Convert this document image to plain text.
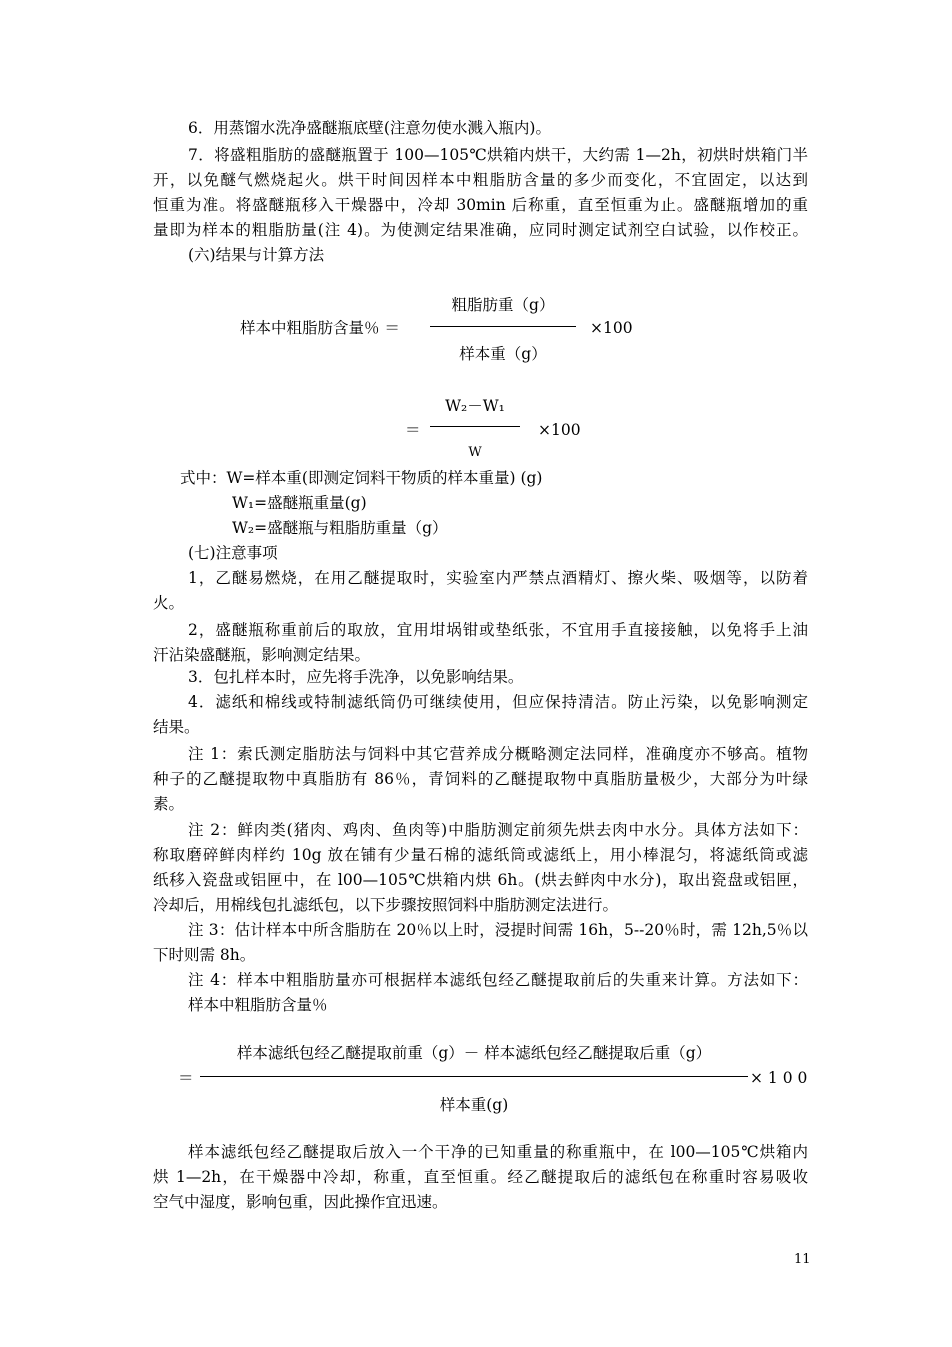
6．用蒸馏水洗净盛醚瓶底壁(注意勿使水溅入瓶内)。
7．将盛粗脂肪的盛醚瓶置于 100—105℃烘箱内烘干，大约需 1—2h，初烘时烘箱门半
开，以免醚气燃烧起火。烘干时间因样本中粗脂肪含量的多少而变化，不宜固定，以达到
恒重为准。将盛醚瓶移入干燥器中，冷却 30min 后称重，直至恒重为止。盛醚瓶增加的重
量即为样本的粗脂肪量(注 4)。为使测定结果准确，应同时测定试剂空白试验，以作校正。
(六)结果与计算方法
样本中粗脂肪含量％ ＝
粗脂肪重（g）
样本重（g）
×100
＝
W₂－W₁
W
×100
式中：W=样本重(即测定饲料干物质的样本重量) (g)
W₁=盛醚瓶重量(g)
W₂=盛醚瓶与粗脂肪重量（g）
(七)注意事项
1，乙醚易燃烧，在用乙醚提取时，实验室内严禁点酒精灯、擦火柴、吸烟等，以防着
火。
2，盛醚瓶称重前后的取放，宜用坩埚钳或垫纸张，不宜用手直接接触，以免将手上油
汗沾染盛醚瓶，影响测定结果。
3．包扎样本时，应先将手洗净，以免影响结果。
4．滤纸和棉线或特制滤纸筒仍可继续使用，但应保持清洁。防止污染，以免影响测定
结果。
注 1：索氏测定脂肪法与饲料中其它营养成分概略测定法同样，准确度亦不够高。植物
种子的乙醚提取物中真脂肪有 86％，青饲料的乙醚提取物中真脂肪量极少，大部分为叶绿
素。
注 2：鲜肉类(猪肉、鸡肉、鱼肉等)中脂肪测定前须先烘去肉中水分。具体方法如下：
称取磨碎鲜肉样约 10g 放在铺有少量石棉的滤纸筒或滤纸上，用小棒混匀，将滤纸筒或滤
纸移入瓷盘或铝匣中，在 l00—105℃烘箱内烘 6h。(烘去鲜肉中水分)，取出瓷盘或铝匣，
冷却后，用棉线包扎滤纸包，以下步骤按照饲料中脂肪测定法进行。
注 3：估计样本中所含脂肪在 20％以上时，浸提时间需 16h，5--20％时，需 12h,5％以
下时则需 8h。
注 4：样本中粗脂肪量亦可根据样本滤纸包经乙醚提取前后的失重来计算。方法如下：
样本中粗脂肪含量％
＝
样本滤纸包经乙醚提取前重（g）－ 样本滤纸包经乙醚提取后重（g）
样本重(g)
× 1 0 0
样本滤纸包经乙醚提取后放入一个干净的已知重量的称重瓶中，在 l00—105℃烘箱内
烘 1—2h，在干燥器中冷却，称重，直至恒重。经乙醚提取后的滤纸包在称重时容易吸收
空气中湿度，影响包重，因此操作宜迅速。
11
